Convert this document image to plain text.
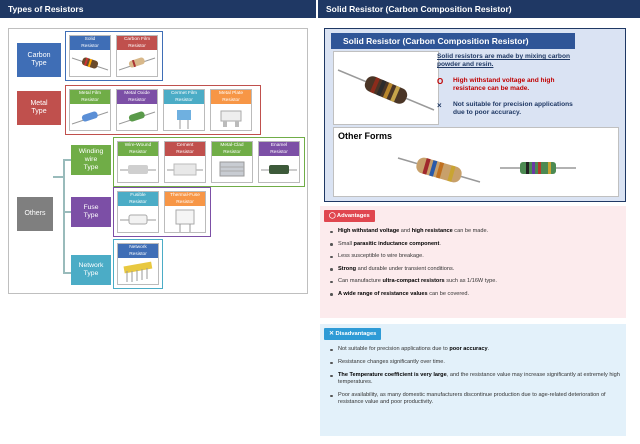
Types of Resistors	Solid Resistor (Carbon Composition Resistor)
Carbon
Type
Metal
Type
Others
Winding
wire
Type
Fuse
Type
Network
Type
Solid
Resistor
Carbon Film
Resistor
Metal Film
Resistor
Metal Oxide
Resistor
Cermet Film
Resistor
Metal Plate
Resistor
Wire-Wound
Resistor
Cement
Resistor
Metal-Clad
Resistor
Enamel
Resistor
Fusible
Resistor
Thermal-Fuse
Resistor
Network
Resistor
Solid Resistor (Carbon Composition Resistor)
Solid resistors are made by mixing carbon powder and resin.
O	High withstand voltage and high resistance can be made.
×	Not suitable for precision applications due to poor accuracy.
Other Forms
◯ Advantages
High withstand voltage and high resistance can be made.
Small parasitic inductance component.
Less susceptible to wire breakage.
Strong and durable under transient conditions.
Can manufacture ultra-compact resistors such as 1/16W type.
A wide range of resistance values can be covered.
✕ Disadvantages
Not suitable for precision applications due to poor accuracy.
Resistance changes significantly over time.
The Temperature coefficient is very large, and the resistance value may increase significantly at extremely high temperatures.
Poor availability, as many domestic manufacturers discontinue production due to age-related deterioration of resistance value and poor productivity.
